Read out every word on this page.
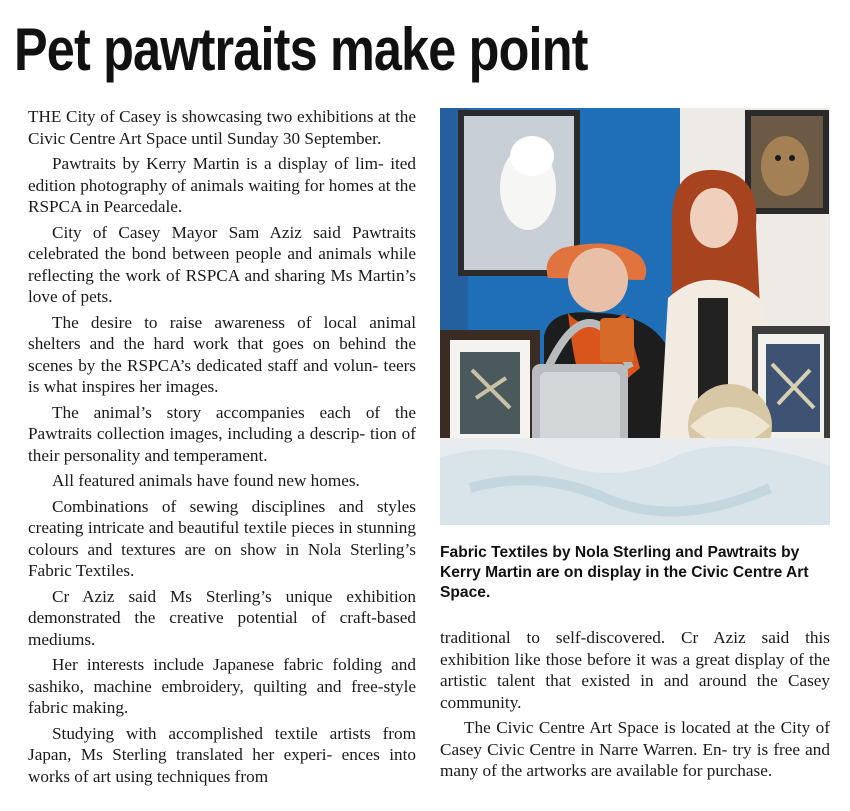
Pet pawtraits make point

THE City of Casey is showcasing two exhibitions at the Civic Centre Art Space until Sunday 30 September.

Pawtraits by Kerry Martin is a display of lim- ited edition photography of animals waiting for homes at the RSPCA in Pearcedale.

City of Casey Mayor Sam Aziz said Pawtraits celebrated the bond between people and animals while reflecting the work of RSPCA and sharing Ms Martin’s love of pets.

The desire to raise awareness of local animal shelters and the hard work that goes on behind the scenes by the RSPCA’s dedicated staff and volun- teers is what inspires her images.

The animal’s story accompanies each of the Pawtraits collection images, including a descrip- tion of their personality and temperament.

All featured animals have found new homes.

Combinations of sewing disciplines and styles creating intricate and beautiful textile pieces in stunning colours and textures are on show in Nola Sterling’s Fabric Textiles.

Cr Aziz said Ms Sterling’s unique exhibition demonstrated the creative potential of craft-based mediums.

Her interests include Japanese fabric folding and sashiko, machine embroidery, quilting and free-style fabric making.

Studying with accomplished textile artists from Japan, Ms Sterling translated her experi- ences into works of art using techniques from

Fabric Textiles by Nola Sterling and Pawtraits by Kerry Martin are on display in the Civic Centre Art Space.

traditional to self-discovered. Cr Aziz said this exhibition like those before it was a great display of the artistic talent that existed in and around the Casey community.

The Civic Centre Art Space is located at the City of Casey Civic Centre in Narre Warren. En- try is free and many of the artworks are available for purchase.
